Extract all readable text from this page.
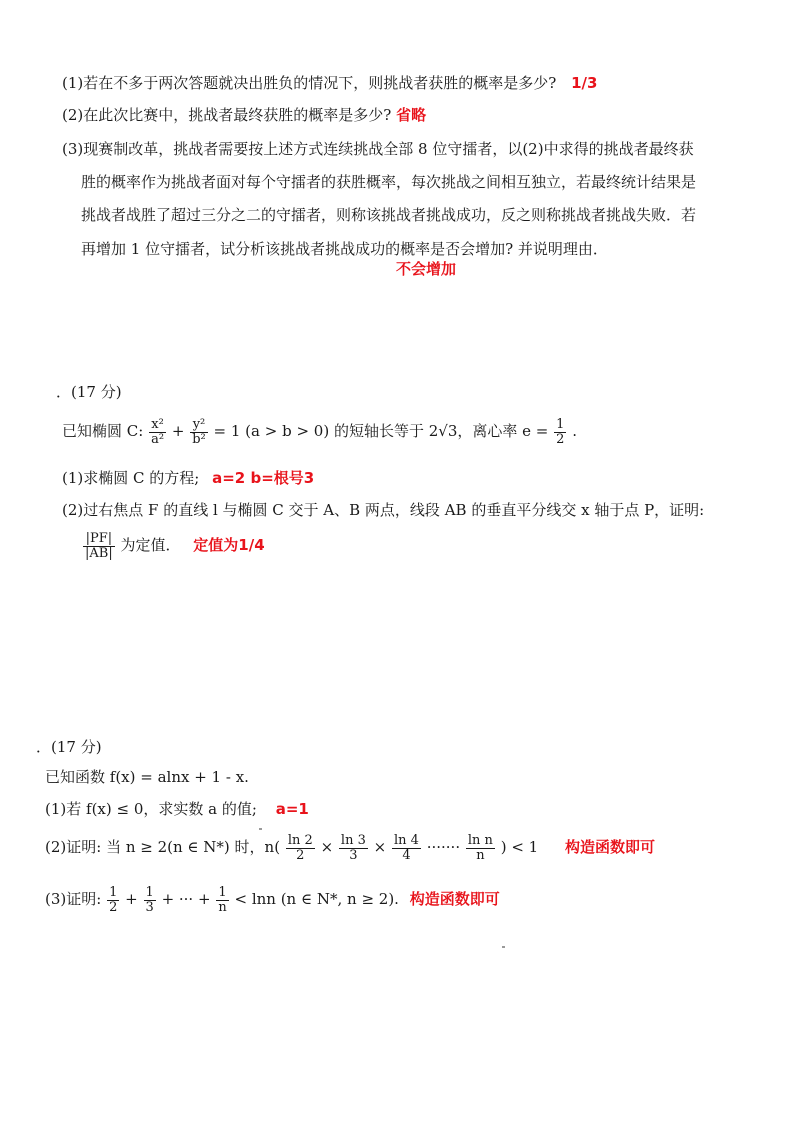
(1)若在不多于两次答题就决出胜负的情况下，则挑战者获胜的概率是多少? 1/3
(2)在此次比赛中，挑战者最终获胜的概率是多少? 省略
(3)现赛制改革，挑战者需要按上述方式连续挑战全部 8 位守擂者，以(2)中求得的挑战者最终获
胜的概率作为挑战者面对每个守擂者的获胜概率，每次挑战之间相互独立，若最终统计结果是
挑战者战胜了超过三分之二的守擂者，则称该挑战者挑战成功，反之则称挑战者挑战失败．若
再增加 1 位守擂者，试分析该挑战者挑战成功的概率是否会增加? 并说明理由．
不会增加
．(17 分)
已知椭圆 C: $\frac{\text{x²}}{\text{a²}} + \frac{\text{y²}}{\text{b²}} = 1$ (a > b > 0) 的短轴长等于 2√3，离心率 $e = \frac{1}{2}$ .
(1)求椭圆 C 的方程; a=2 b=根号3
(2)过右焦点 F 的直线 l 与椭圆 C 交于 A、B 两点，线段 AB 的垂直平分线交 x 轴于点 P，证明:
$\frac{|PF|}{|AB|}$ 为定值． 定值为1/4
．(17 分)
已知函数 f(x) = alnx + 1 - x.
(1)若 f(x) ≤ 0，求实数 a 的值; a=1
(2)证明: 当 n ≥ 2(n ∈ N*) 时，$n( \frac{\ln 2}{2} \times \frac{\ln 3}{3} \times \frac{\ln 4}{4}$ ······· $\frac{\text{ln n}}{n}$ ) < 1 构造函数即可
(3)证明: $\frac{1}{2} + \frac{1}{3}$ + ··· + $\frac{1}{n} < \ln n$ (n ∈ N*, n ≥ 2). 构造函数即可
